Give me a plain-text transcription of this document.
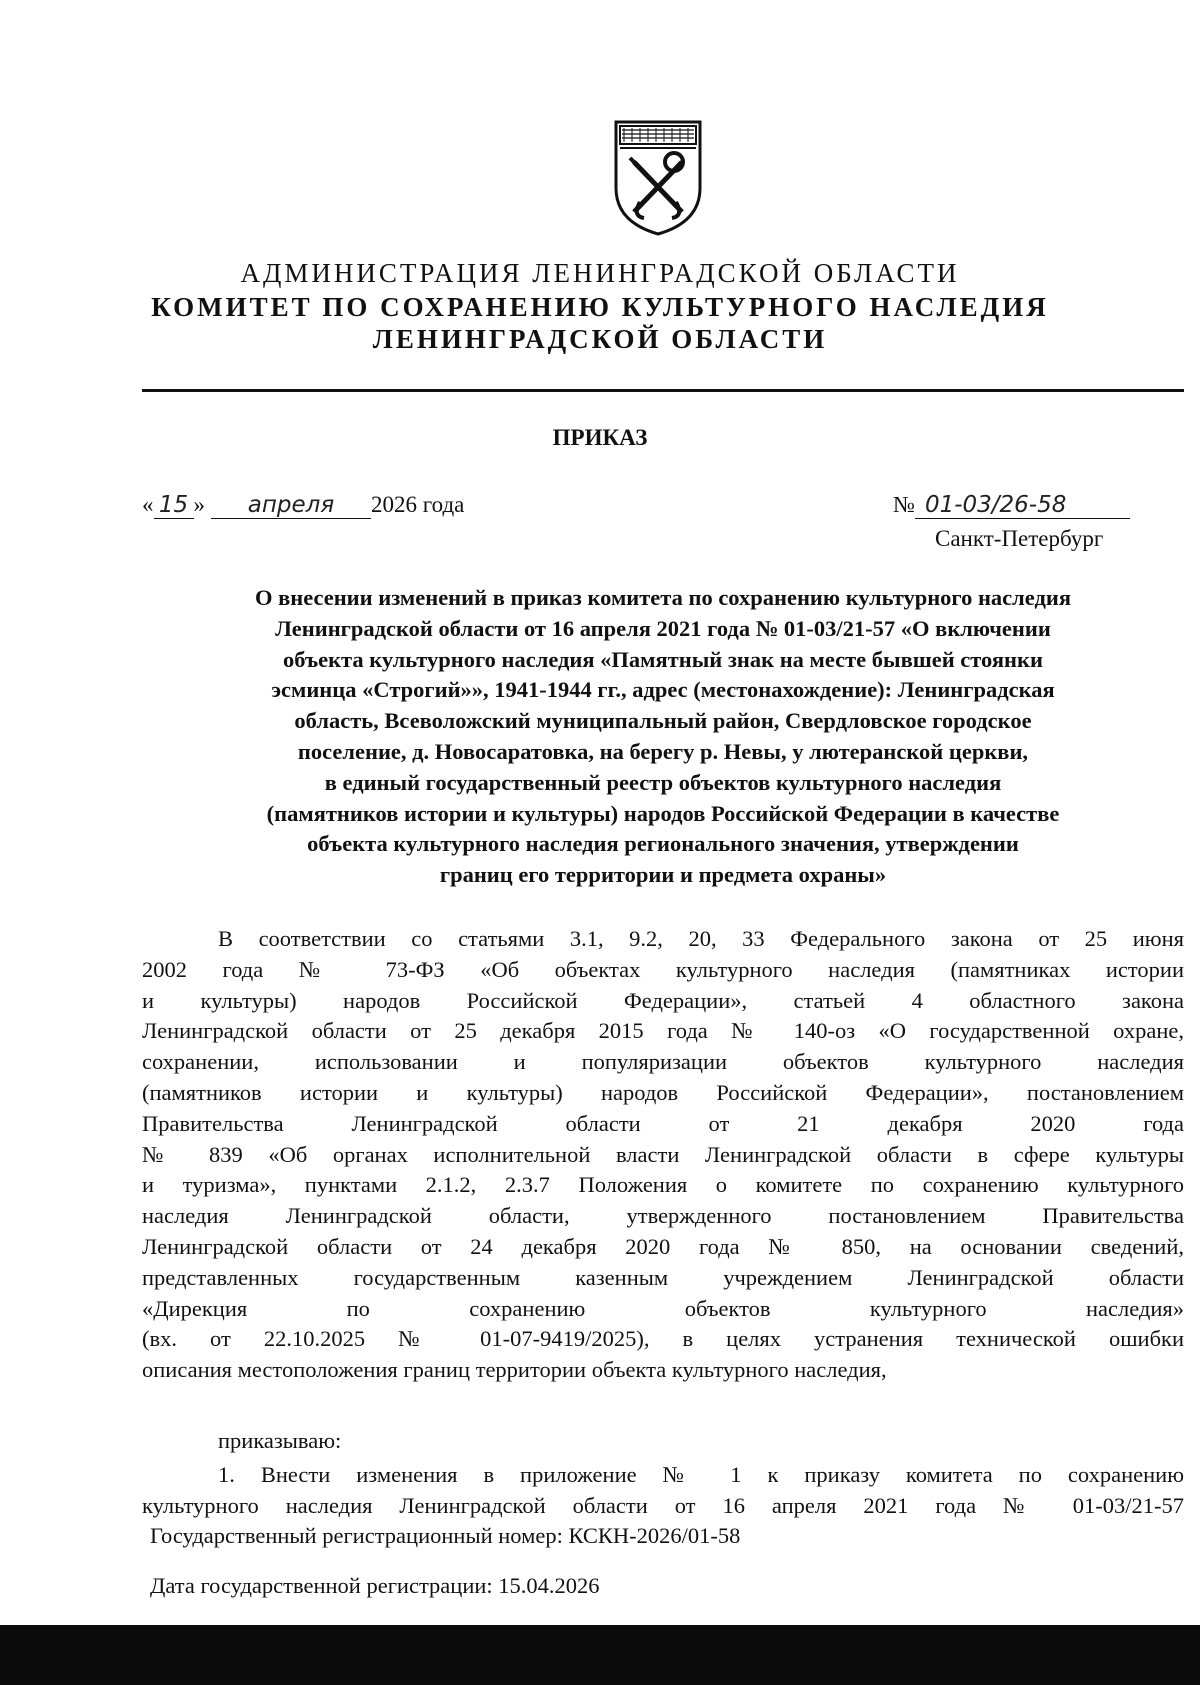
АДМИНИСТРАЦИЯ ЛЕНИНГРАДСКОЙ ОБЛАСТИ
КОМИТЕТ ПО СОХРАНЕНИЮ КУЛЬТУРНОГО НАСЛЕДИЯ
ЛЕНИНГРАДСКОЙ ОБЛАСТИ
ПРИКАЗ
« 15 » апреля 2026 года	№ 01-03/26-58
Санкт-Петербург
О внесении изменений в приказ комитета по сохранению культурного наследия
Ленинградской области от 16 апреля 2021 года № 01-03/21-57 «О включении
объекта культурного наследия «Памятный знак на месте бывшей стоянки
эсминца «Строгий»», 1941-1944 гг., адрес (местонахождение): Ленинградская
область, Всеволожский муниципальный район, Свердловское городское
поселение, д. Новосаратовка, на берегу р. Невы, у лютеранской церкви,
в единый государственный реестр объектов культурного наследия
(памятников истории и культуры) народов Российской Федерации в качестве
объекта культурного наследия регионального значения, утверждении
границ его территории и предмета охраны»
В соответствии со статьями 3.1, 9.2, 20, 33 Федерального закона от 25 июня
2002 года № 73-ФЗ «Об объектах культурного наследия (памятниках истории
и культуры) народов Российской Федерации», статьей 4 областного закона
Ленинградской области от 25 декабря 2015 года № 140-оз «О государственной охране,
сохранении, использовании и популяризации объектов культурного наследия
(памятников истории и культуры) народов Российской Федерации», постановлением
Правительства Ленинградской области от 21 декабря 2020 года
№ 839 «Об органах исполнительной власти Ленинградской области в сфере культуры
и туризма», пунктами 2.1.2, 2.3.7 Положения о комитете по сохранению культурного
наследия Ленинградской области, утвержденного постановлением Правительства
Ленинградской области от 24 декабря 2020 года № 850, на основании сведений,
представленных государственным казенным учреждением Ленинградской области
«Дирекция по сохранению объектов культурного наследия»
(вх. от 22.10.2025 № 01-07-9419/2025), в целях устранения технической ошибки
описания местоположения границ территории объекта культурного наследия,
приказываю:
1. Внести изменения в приложение № 1 к приказу комитета по сохранению
культурного наследия Ленинградской области от 16 апреля 2021 года № 01-03/21-57
Государственный регистрационный номер: КСКН-2026/01-58
Дата государственной регистрации: 15.04.2026
